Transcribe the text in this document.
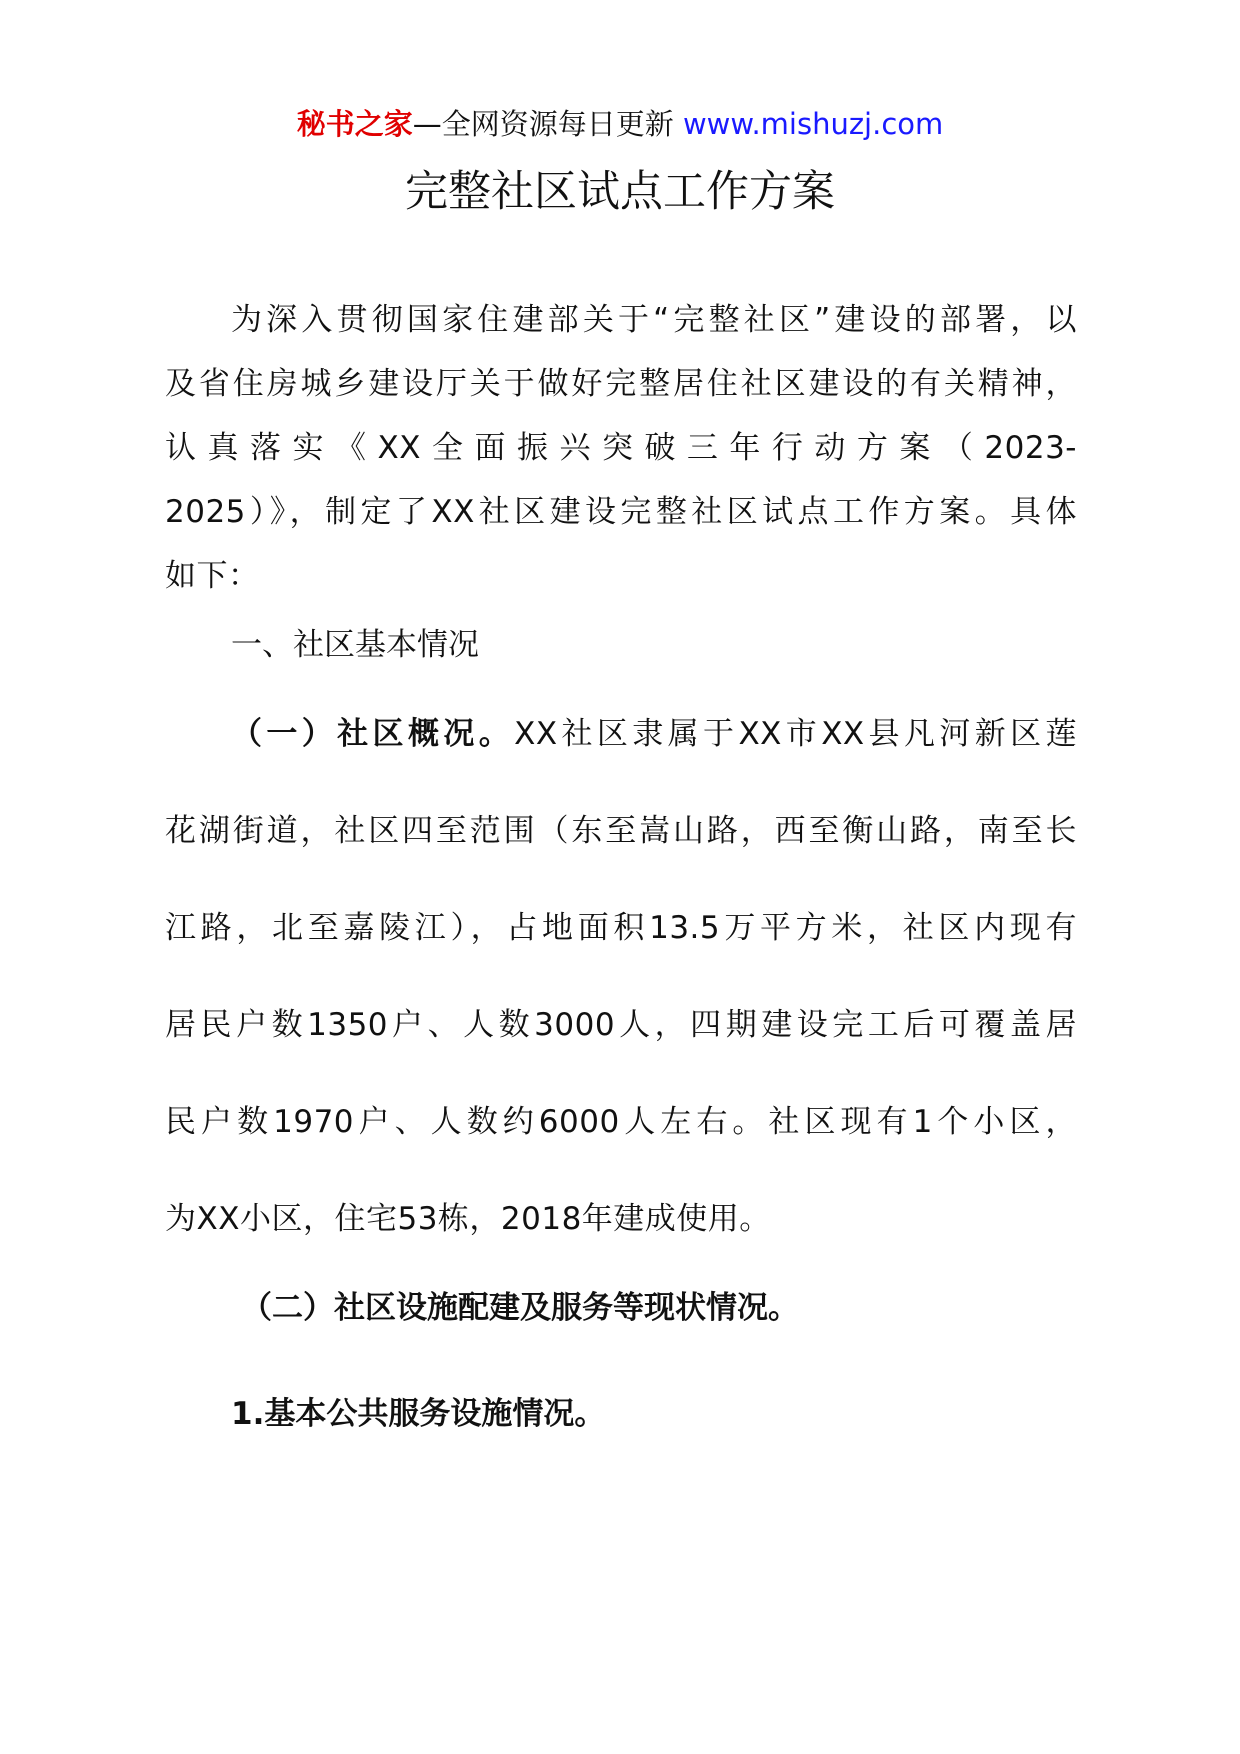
秘书之家—全网资源每日更新 www.mishuzj.com
完整社区试点工作方案
为深入贯彻国家住建部关于“完整社区”建设的部署，以
及省住房城乡建设厅关于做好完整居住社区建设的有关精神，
认真落实《XX全面振兴突破三年行动方案（2023-
2025）》，制定了XX社区建设完整社区试点工作方案。具体
如下：
一、社区基本情况
（一）社区概况。XX社区隶属于XX市XX县凡河新区莲
花湖街道，社区四至范围（东至嵩山路，西至衡山路，南至长
江路，北至嘉陵江），占地面积13.5万平方米，社区内现有
居民户数1350户、人数3000人，四期建设完工后可覆盖居
民户数1970户、人数约6000人左右。社区现有1个小区，
为XX小区，住宅53栋，2018年建成使用。
（二）社区设施配建及服务等现状情况。
1.基本公共服务设施情况。
